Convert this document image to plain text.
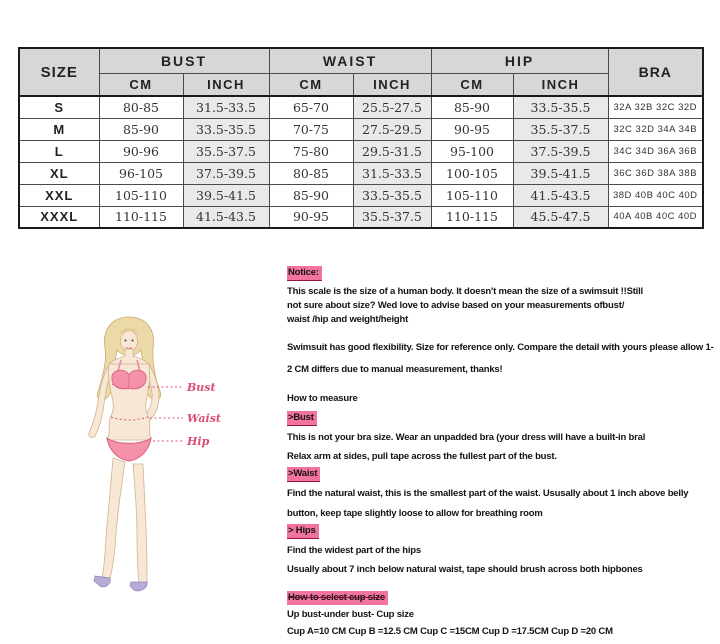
SIZE	BUST		WAIST		HIP		BRA
	CM	INCH	CM	INCH	CM	INCH	
S	80-85	31.5-33.5	65-70	25.5-27.5	85-90	33.5-35.5	32A 32B 32C 32D
M	85-90	33.5-35.5	70-75	27.5-29.5	90-95	35.5-37.5	32C 32D 34A 34B
L	90-96	35.5-37.5	75-80	29.5-31.5	95-100	37.5-39.5	34C 34D 36A 36B
XL	96-105	37.5-39.5	80-85	31.5-33.5	100-105	39.5-41.5	36C 36D 38A 38B
XXL	105-110	39.5-41.5	85-90	33.5-35.5	105-110	41.5-43.5	38D 40B 40C 40D
XXXL	110-115	41.5-43.5	90-95	35.5-37.5	110-115	45.5-47.5	40A 40B 40C 40D
Bust
Waist
Hip
Notice:

This scale is the size of a human body. It doesn't mean the size of a swimsuit !!Still not sure about size? Wed love to advise based on your measurements ofbust/ waist /hip and weight/height

Swimsuit has good flexibility. Size for reference only. Compare the detail with yours please allow 1-2 CM differs due to manual measurement, thanks!

How to measure

>Bust

This is not your bra size. Wear an unpadded bra (your dress will have a built-in bral

Relax arm at sides, pull tape across the fullest part of the bust.

>Waist

Find the natural waist, this is the smallest part of the waist. Ususally about 1 inch above belly button, keep tape slightly loose to allow for breathing room

> Hips

Find the widest part of the hips

Usually about 7 inch below natural waist, tape should brush across both hipbones

How to select cup size

Up bust-under bust- Cup size

Cup A=10 CM Cup B =12.5 CM Cup C =15CM Cup D =17.5CM Cup D =20 CM
